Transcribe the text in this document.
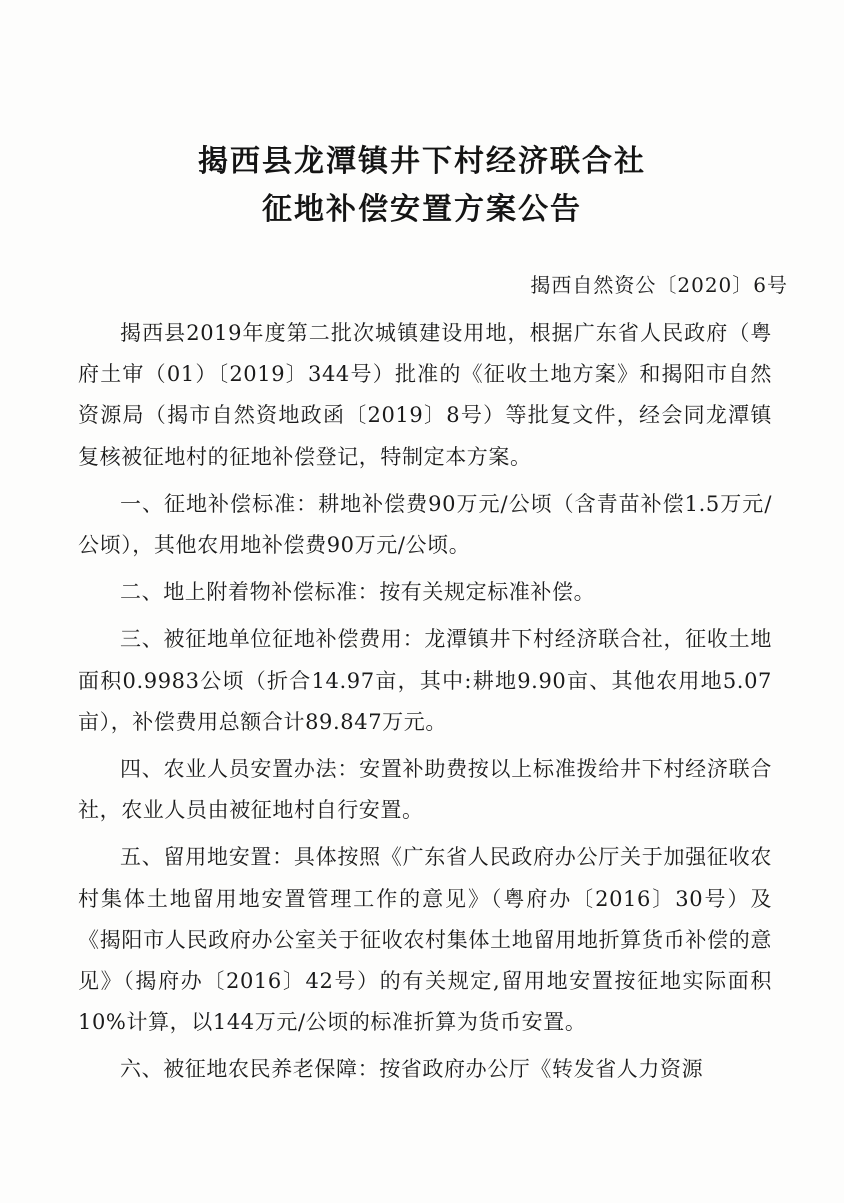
揭西县龙潭镇井下村经济联合社
征地补偿安置方案公告
揭西自然资公〔2020〕6号

揭西县2019年度第二批次城镇建设用地，根据广东省人民政府（粤府土审（01）〔2019〕344号）批准的《征收土地方案》和揭阳市自然资源局（揭市自然资地政函〔2019〕8号）等批复文件，经会同龙潭镇复核被征地村的征地补偿登记，特制定本方案。

一、征地补偿标准：耕地补偿费90万元/公顷（含青苗补偿1.5万元/公顷），其他农用地补偿费90万元/公顷。

二、地上附着物补偿标准：按有关规定标准补偿。

三、被征地单位征地补偿费用：龙潭镇井下村经济联合社，征收土地面积0.9983公顷（折合14.97亩，其中:耕地9.90亩、其他农用地5.07亩），补偿费用总额合计89.847万元。

四、农业人员安置办法：安置补助费按以上标准拨给井下村经济联合社，农业人员由被征地村自行安置。

五、留用地安置：具体按照《广东省人民政府办公厅关于加强征收农村集体土地留用地安置管理工作的意见》（粤府办〔2016〕30号）及《揭阳市人民政府办公室关于征收农村集体土地留用地折算货币补偿的意见》（揭府办〔2016〕42号）的有关规定,留用地安置按征地实际面积10%计算，以144万元/公顷的标准折算为货币安置。

六、被征地农民养老保障：按省政府办公厅《转发省人力资源
